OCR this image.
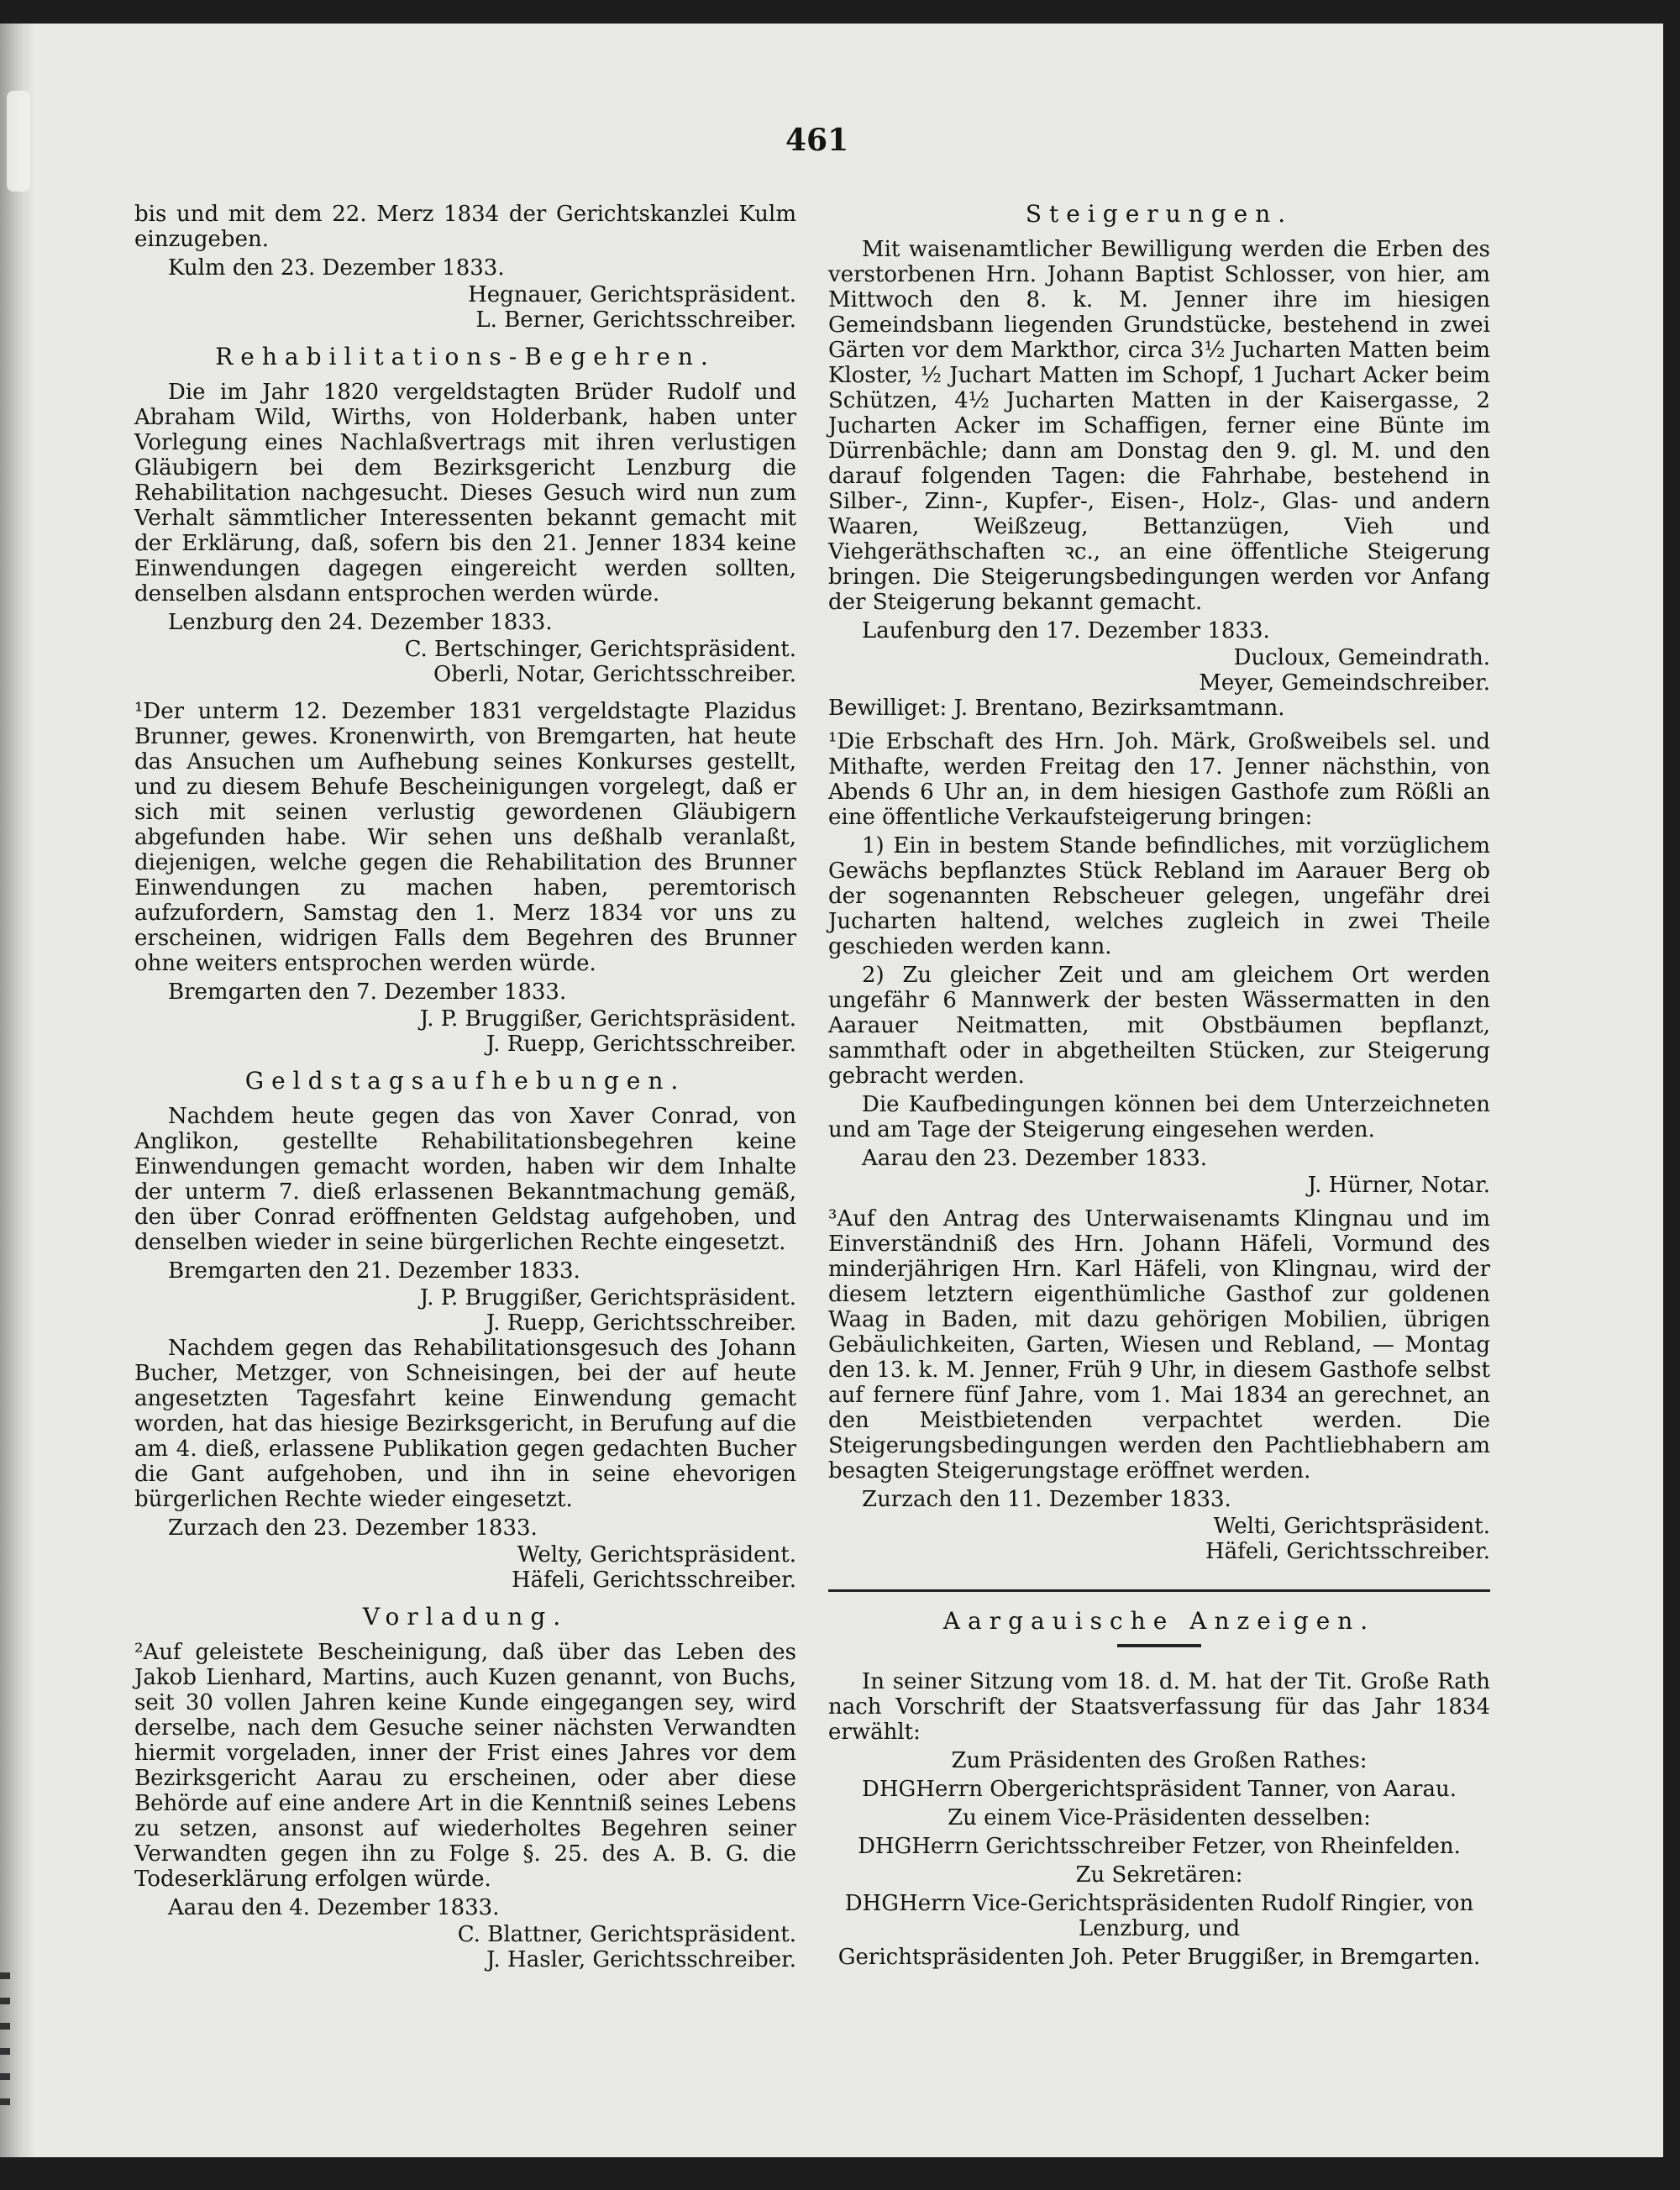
461

bis und mit dem 22. Merz 1834 der Gerichtskanzlei Kulm einzugeben.

Kulm den 23. Dezember 1833.

Hegnauer, Gerichtspräsident.

L. Berner, Gerichtsschreiber.

Rehabilitations-Begehren.

Die im Jahr 1820 vergeldstagten Brüder Rudolf und Abraham Wild, Wirths, von Holderbank, haben unter Vorlegung eines Nachlaßvertrags mit ihren verlustigen Gläubigern bei dem Bezirksgericht Lenzburg die Rehabilitation nachgesucht. Dieses Gesuch wird nun zum Verhalt sämmtlicher Interessenten bekannt gemacht mit der Erklärung, daß, sofern bis den 21. Jenner 1834 keine Einwendungen dagegen eingereicht werden sollten, denselben alsdann entsprochen werden würde.

Lenzburg den 24. Dezember 1833.

C. Bertschinger, Gerichtspräsident.

Oberli, Notar, Gerichtsschreiber.

¹Der unterm 12. Dezember 1831 vergeldstagte Plazidus Brunner, gewes. Kronenwirth, von Bremgarten, hat heute das Ansuchen um Aufhebung seines Konkurses gestellt, und zu diesem Behufe Bescheinigungen vorgelegt, daß er sich mit seinen verlustig gewordenen Gläubigern abgefunden habe. Wir sehen uns deßhalb veranlaßt, diejenigen, welche gegen die Rehabilitation des Brunner Einwendungen zu machen haben, peremtorisch aufzufordern, Samstag den 1. Merz 1834 vor uns zu erscheinen, widrigen Falls dem Begehren des Brunner ohne weiters entsprochen werden würde.

Bremgarten den 7. Dezember 1833.

J. P. Bruggißer, Gerichtspräsident.

J. Ruepp, Gerichtsschreiber.

Geldstagsaufhebungen.

Nachdem heute gegen das von Xaver Conrad, von Anglikon, gestellte Rehabilitationsbegehren keine Einwendungen gemacht worden, haben wir dem Inhalte der unterm 7. dieß erlassenen Bekanntmachung gemäß, den über Conrad eröffnenten Geldstag aufgehoben, und denselben wieder in seine bürgerlichen Rechte eingesetzt.

Bremgarten den 21. Dezember 1833.

J. P. Bruggißer, Gerichtspräsident.

J. Ruepp, Gerichtsschreiber.

Nachdem gegen das Rehabilitationsgesuch des Johann Bucher, Metzger, von Schneisingen, bei der auf heute angesetzten Tagesfahrt keine Einwendung gemacht worden, hat das hiesige Bezirksgericht, in Berufung auf die am 4. dieß, erlassene Publikation gegen gedachten Bucher die Gant aufgehoben, und ihn in seine ehevorigen bürgerlichen Rechte wieder eingesetzt.

Zurzach den 23. Dezember 1833.

Welty, Gerichtspräsident.

Häfeli, Gerichtsschreiber.

Vorladung.

²Auf geleistete Bescheinigung, daß über das Leben des Jakob Lienhard, Martins, auch Kuzen genannt, von Buchs, seit 30 vollen Jahren keine Kunde eingegangen sey, wird derselbe, nach dem Gesuche seiner nächsten Verwandten hiermit vorgeladen, inner der Frist eines Jahres vor dem Bezirksgericht Aarau zu erscheinen, oder aber diese Behörde auf eine andere Art in die Kenntniß seines Lebens zu setzen, ansonst auf wiederholtes Begehren seiner Verwandten gegen ihn zu Folge §. 25. des A. B. G. die Todeserklärung erfolgen würde.

Aarau den 4. Dezember 1833.

C. Blattner, Gerichtspräsident.

J. Hasler, Gerichtsschreiber.

Steigerungen.

Mit waisenamtlicher Bewilligung werden die Erben des verstorbenen Hrn. Johann Baptist Schlosser, von hier, am Mittwoch den 8. k. M. Jenner ihre im hiesigen Gemeindsbann liegenden Grundstücke, bestehend in zwei Gärten vor dem Markthor, circa 3½ Jucharten Matten beim Kloster, ½ Juchart Matten im Schopf, 1 Juchart Acker beim Schützen, 4½ Jucharten Matten in der Kaisergasse, 2 Jucharten Acker im Schaffigen, ferner eine Bünte im Dürrenbächle; dann am Donstag den 9. gl. M. und den darauf folgenden Tagen: die Fahrhabe, bestehend in Silber-, Zinn-, Kupfer-, Eisen-, Holz-, Glas- und andern Waaren, Weißzeug, Bettanzügen, Vieh und Viehgeräthschaften ꝛc., an eine öffentliche Steigerung bringen. Die Steigerungsbedingungen werden vor Anfang der Steigerung bekannt gemacht.

Laufenburg den 17. Dezember 1833.

Ducloux, Gemeindrath.

Meyer, Gemeindschreiber.

Bewilliget: J. Brentano, Bezirksamtmann.

¹Die Erbschaft des Hrn. Joh. Märk, Großweibels sel. und Mithafte, werden Freitag den 17. Jenner nächsthin, von Abends 6 Uhr an, in dem hiesigen Gasthofe zum Rößli an eine öffentliche Verkaufsteigerung bringen:

1) Ein in bestem Stande befindliches, mit vorzüglichem Gewächs bepflanztes Stück Rebland im Aarauer Berg ob der sogenannten Rebscheuer gelegen, ungefähr drei Jucharten haltend, welches zugleich in zwei Theile geschieden werden kann.

2) Zu gleicher Zeit und am gleichem Ort werden ungefähr 6 Mannwerk der besten Wässermatten in den Aarauer Neitmatten, mit Obstbäumen bepflanzt, sammthaft oder in abgetheilten Stücken, zur Steigerung gebracht werden.

Die Kaufbedingungen können bei dem Unterzeichneten und am Tage der Steigerung eingesehen werden.

Aarau den 23. Dezember 1833.

J. Hürner, Notar.

³Auf den Antrag des Unterwaisenamts Klingnau und im Einverständniß des Hrn. Johann Häfeli, Vormund des minderjährigen Hrn. Karl Häfeli, von Klingnau, wird der diesem letztern eigenthümliche Gasthof zur goldenen Waag in Baden, mit dazu gehörigen Mobilien, übrigen Gebäulichkeiten, Garten, Wiesen und Rebland, — Montag den 13. k. M. Jenner, Früh 9 Uhr, in diesem Gasthofe selbst auf fernere fünf Jahre, vom 1. Mai 1834 an gerechnet, an den Meistbietenden verpachtet werden. Die Steigerungsbedingungen werden den Pachtliebhabern am besagten Steigerungstage eröffnet werden.

Zurzach den 11. Dezember 1833.

Welti, Gerichtspräsident.

Häfeli, Gerichtsschreiber.

Aargauische Anzeigen.

In seiner Sitzung vom 18. d. M. hat der Tit. Große Rath nach Vorschrift der Staatsverfassung für das Jahr 1834 erwählt:

Zum Präsidenten des Großen Rathes:

DHGHerrn Obergerichtspräsident Tanner, von Aarau.

Zu einem Vice-Präsidenten desselben:

DHGHerrn Gerichtsschreiber Fetzer, von Rheinfelden.

Zu Sekretären:

DHGHerrn Vice-Gerichtspräsidenten Rudolf Ringier, von Lenzburg, und

Gerichtspräsidenten Joh. Peter Bruggißer, in Bremgarten.
